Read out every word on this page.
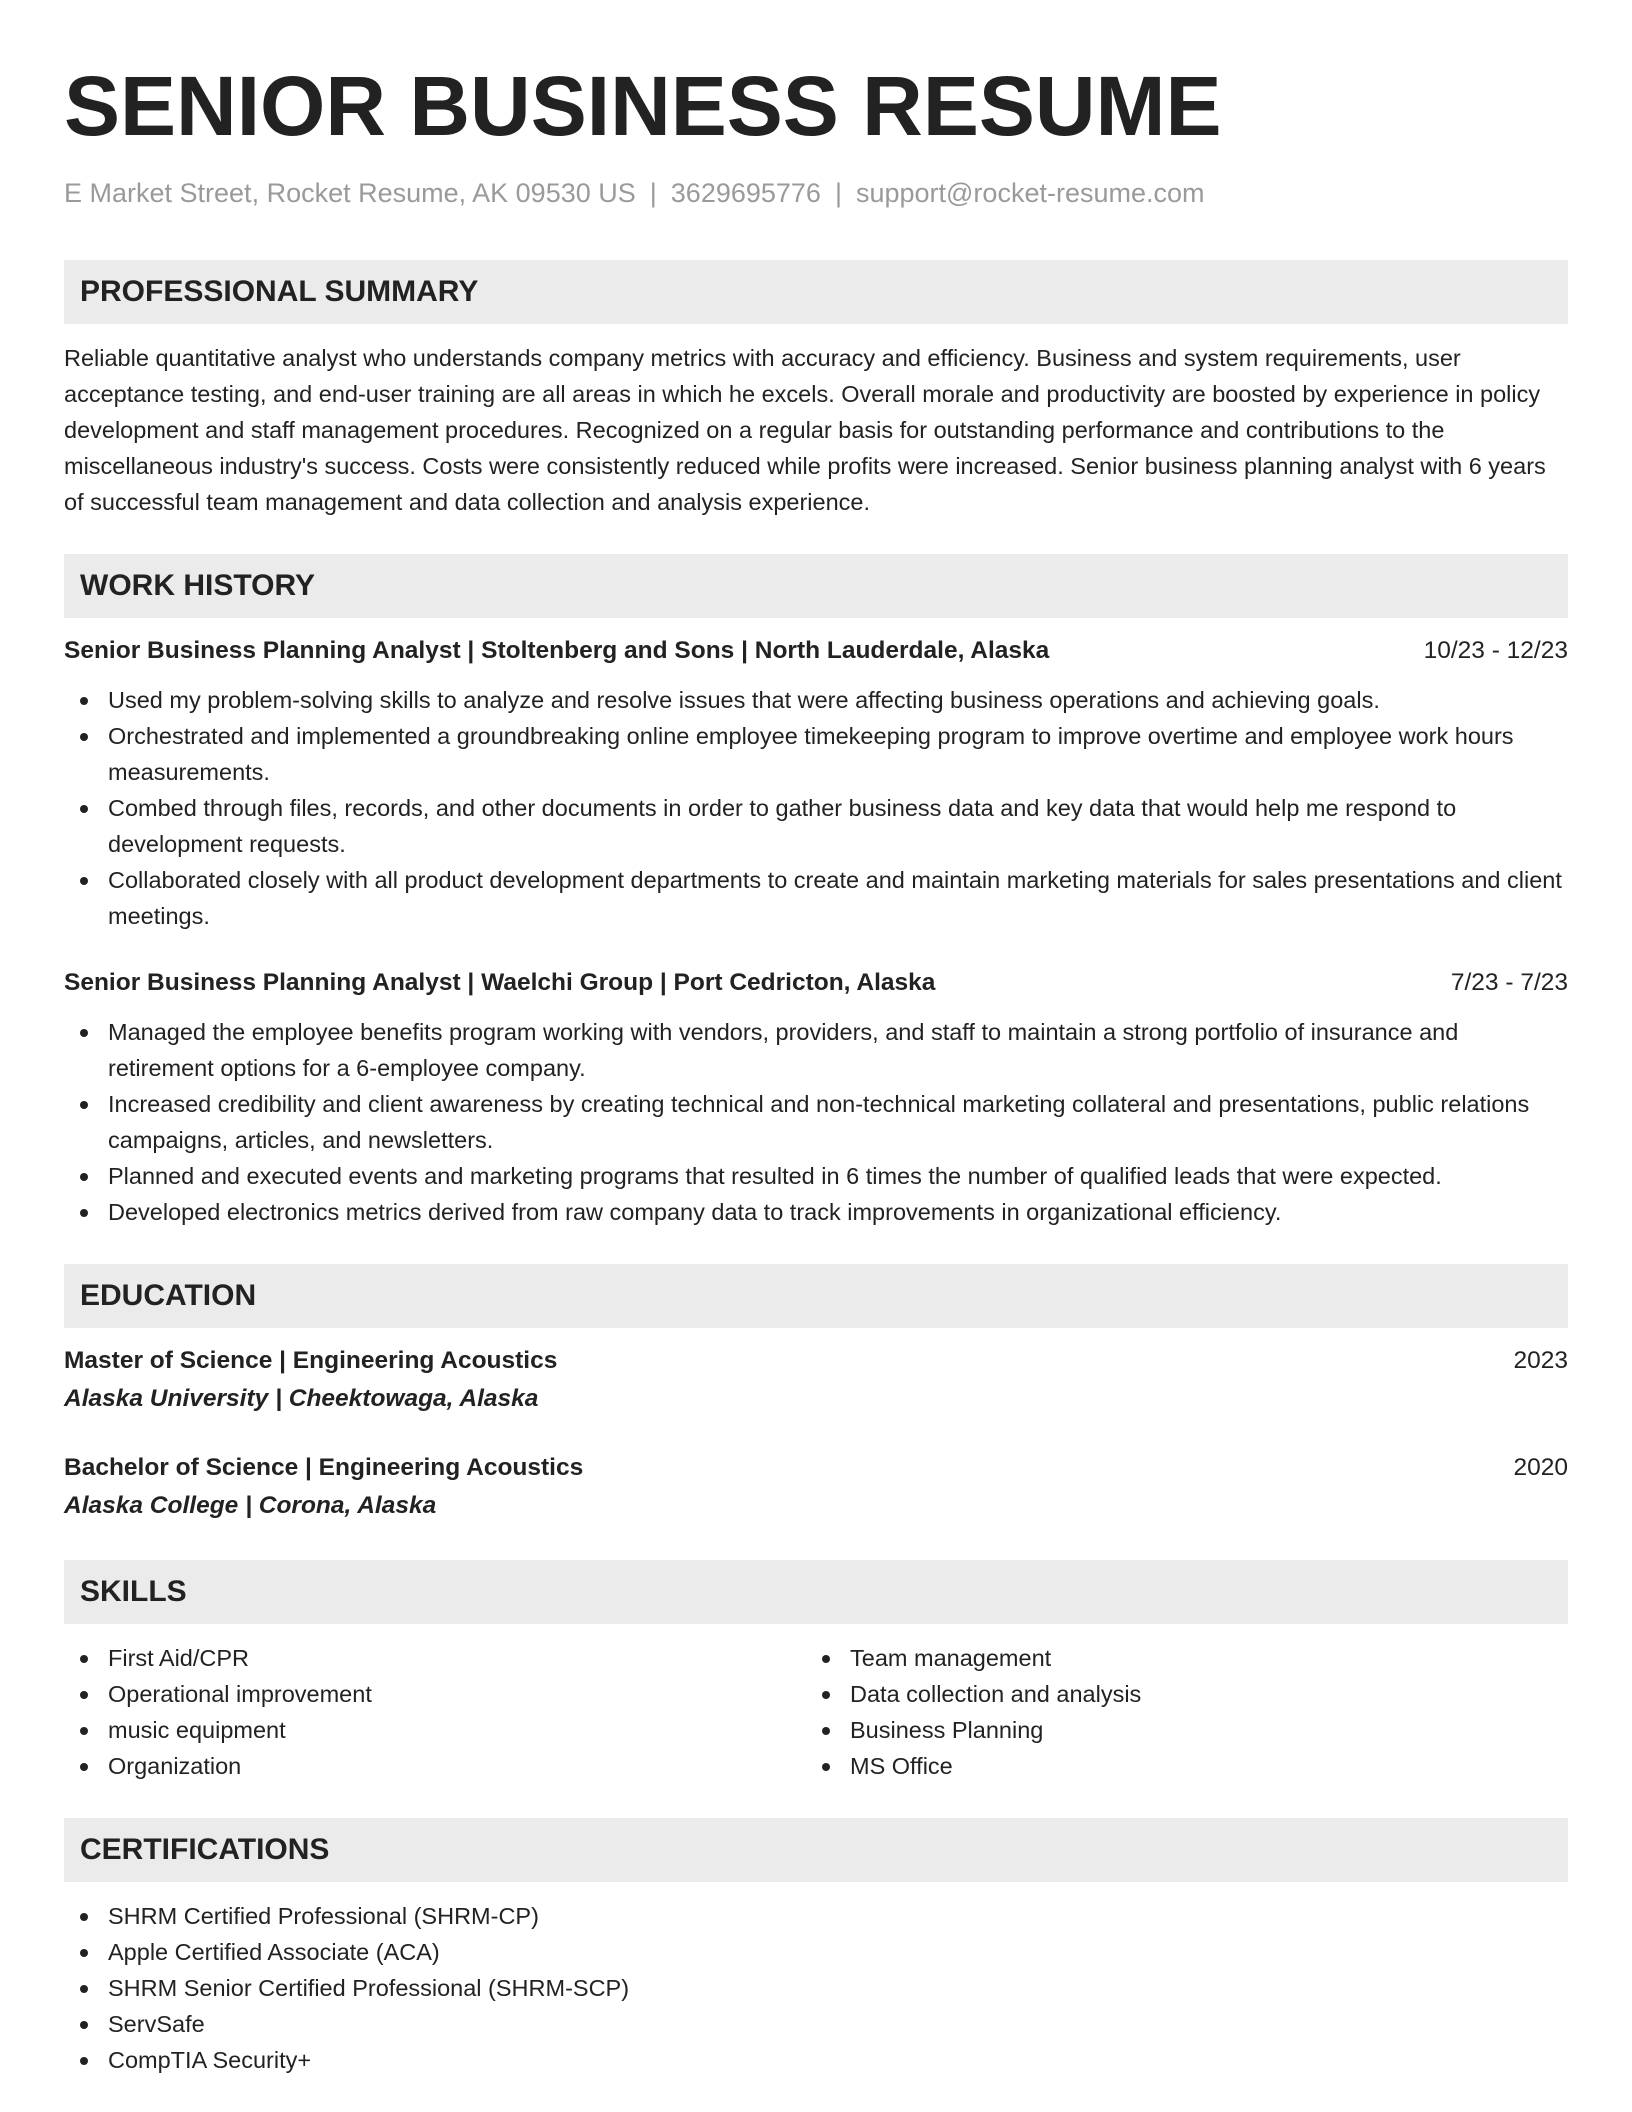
SENIOR BUSINESS RESUME
E Market Street, Rocket Resume, AK 09530 US | 3629695776 | support@rocket-resume.com
PROFESSIONAL SUMMARY
Reliable quantitative analyst who understands company metrics with accuracy and efficiency. Business and system requirements, user acceptance testing, and end-user training are all areas in which he excels. Overall morale and productivity are boosted by experience in policy development and staff management procedures. Recognized on a regular basis for outstanding performance and contributions to the miscellaneous industry's success. Costs were consistently reduced while profits were increased. Senior business planning analyst with 6 years of successful team management and data collection and analysis experience.
WORK HISTORY
Senior Business Planning Analyst | Stoltenberg and Sons | North Lauderdale, Alaska	10/23 - 12/23
Used my problem-solving skills to analyze and resolve issues that were affecting business operations and achieving goals.
Orchestrated and implemented a groundbreaking online employee timekeeping program to improve overtime and employee work hours measurements.
Combed through files, records, and other documents in order to gather business data and key data that would help me respond to development requests.
Collaborated closely with all product development departments to create and maintain marketing materials for sales presentations and client meetings.
Senior Business Planning Analyst | Waelchi Group | Port Cedricton, Alaska	7/23 - 7/23
Managed the employee benefits program working with vendors, providers, and staff to maintain a strong portfolio of insurance and retirement options for a 6-employee company.
Increased credibility and client awareness by creating technical and non-technical marketing collateral and presentations, public relations campaigns, articles, and newsletters.
Planned and executed events and marketing programs that resulted in 6 times the number of qualified leads that were expected.
Developed electronics metrics derived from raw company data to track improvements in organizational efficiency.
EDUCATION
Master of Science | Engineering Acoustics	2023
Alaska University | Cheektowaga, Alaska
Bachelor of Science | Engineering Acoustics	2020
Alaska College | Corona, Alaska
SKILLS
First Aid/CPR
Operational improvement
music equipment
Organization
Team management
Data collection and analysis
Business Planning
MS Office
CERTIFICATIONS
SHRM Certified Professional (SHRM-CP)
Apple Certified Associate (ACA)
SHRM Senior Certified Professional (SHRM-SCP)
ServSafe
CompTIA Security+
